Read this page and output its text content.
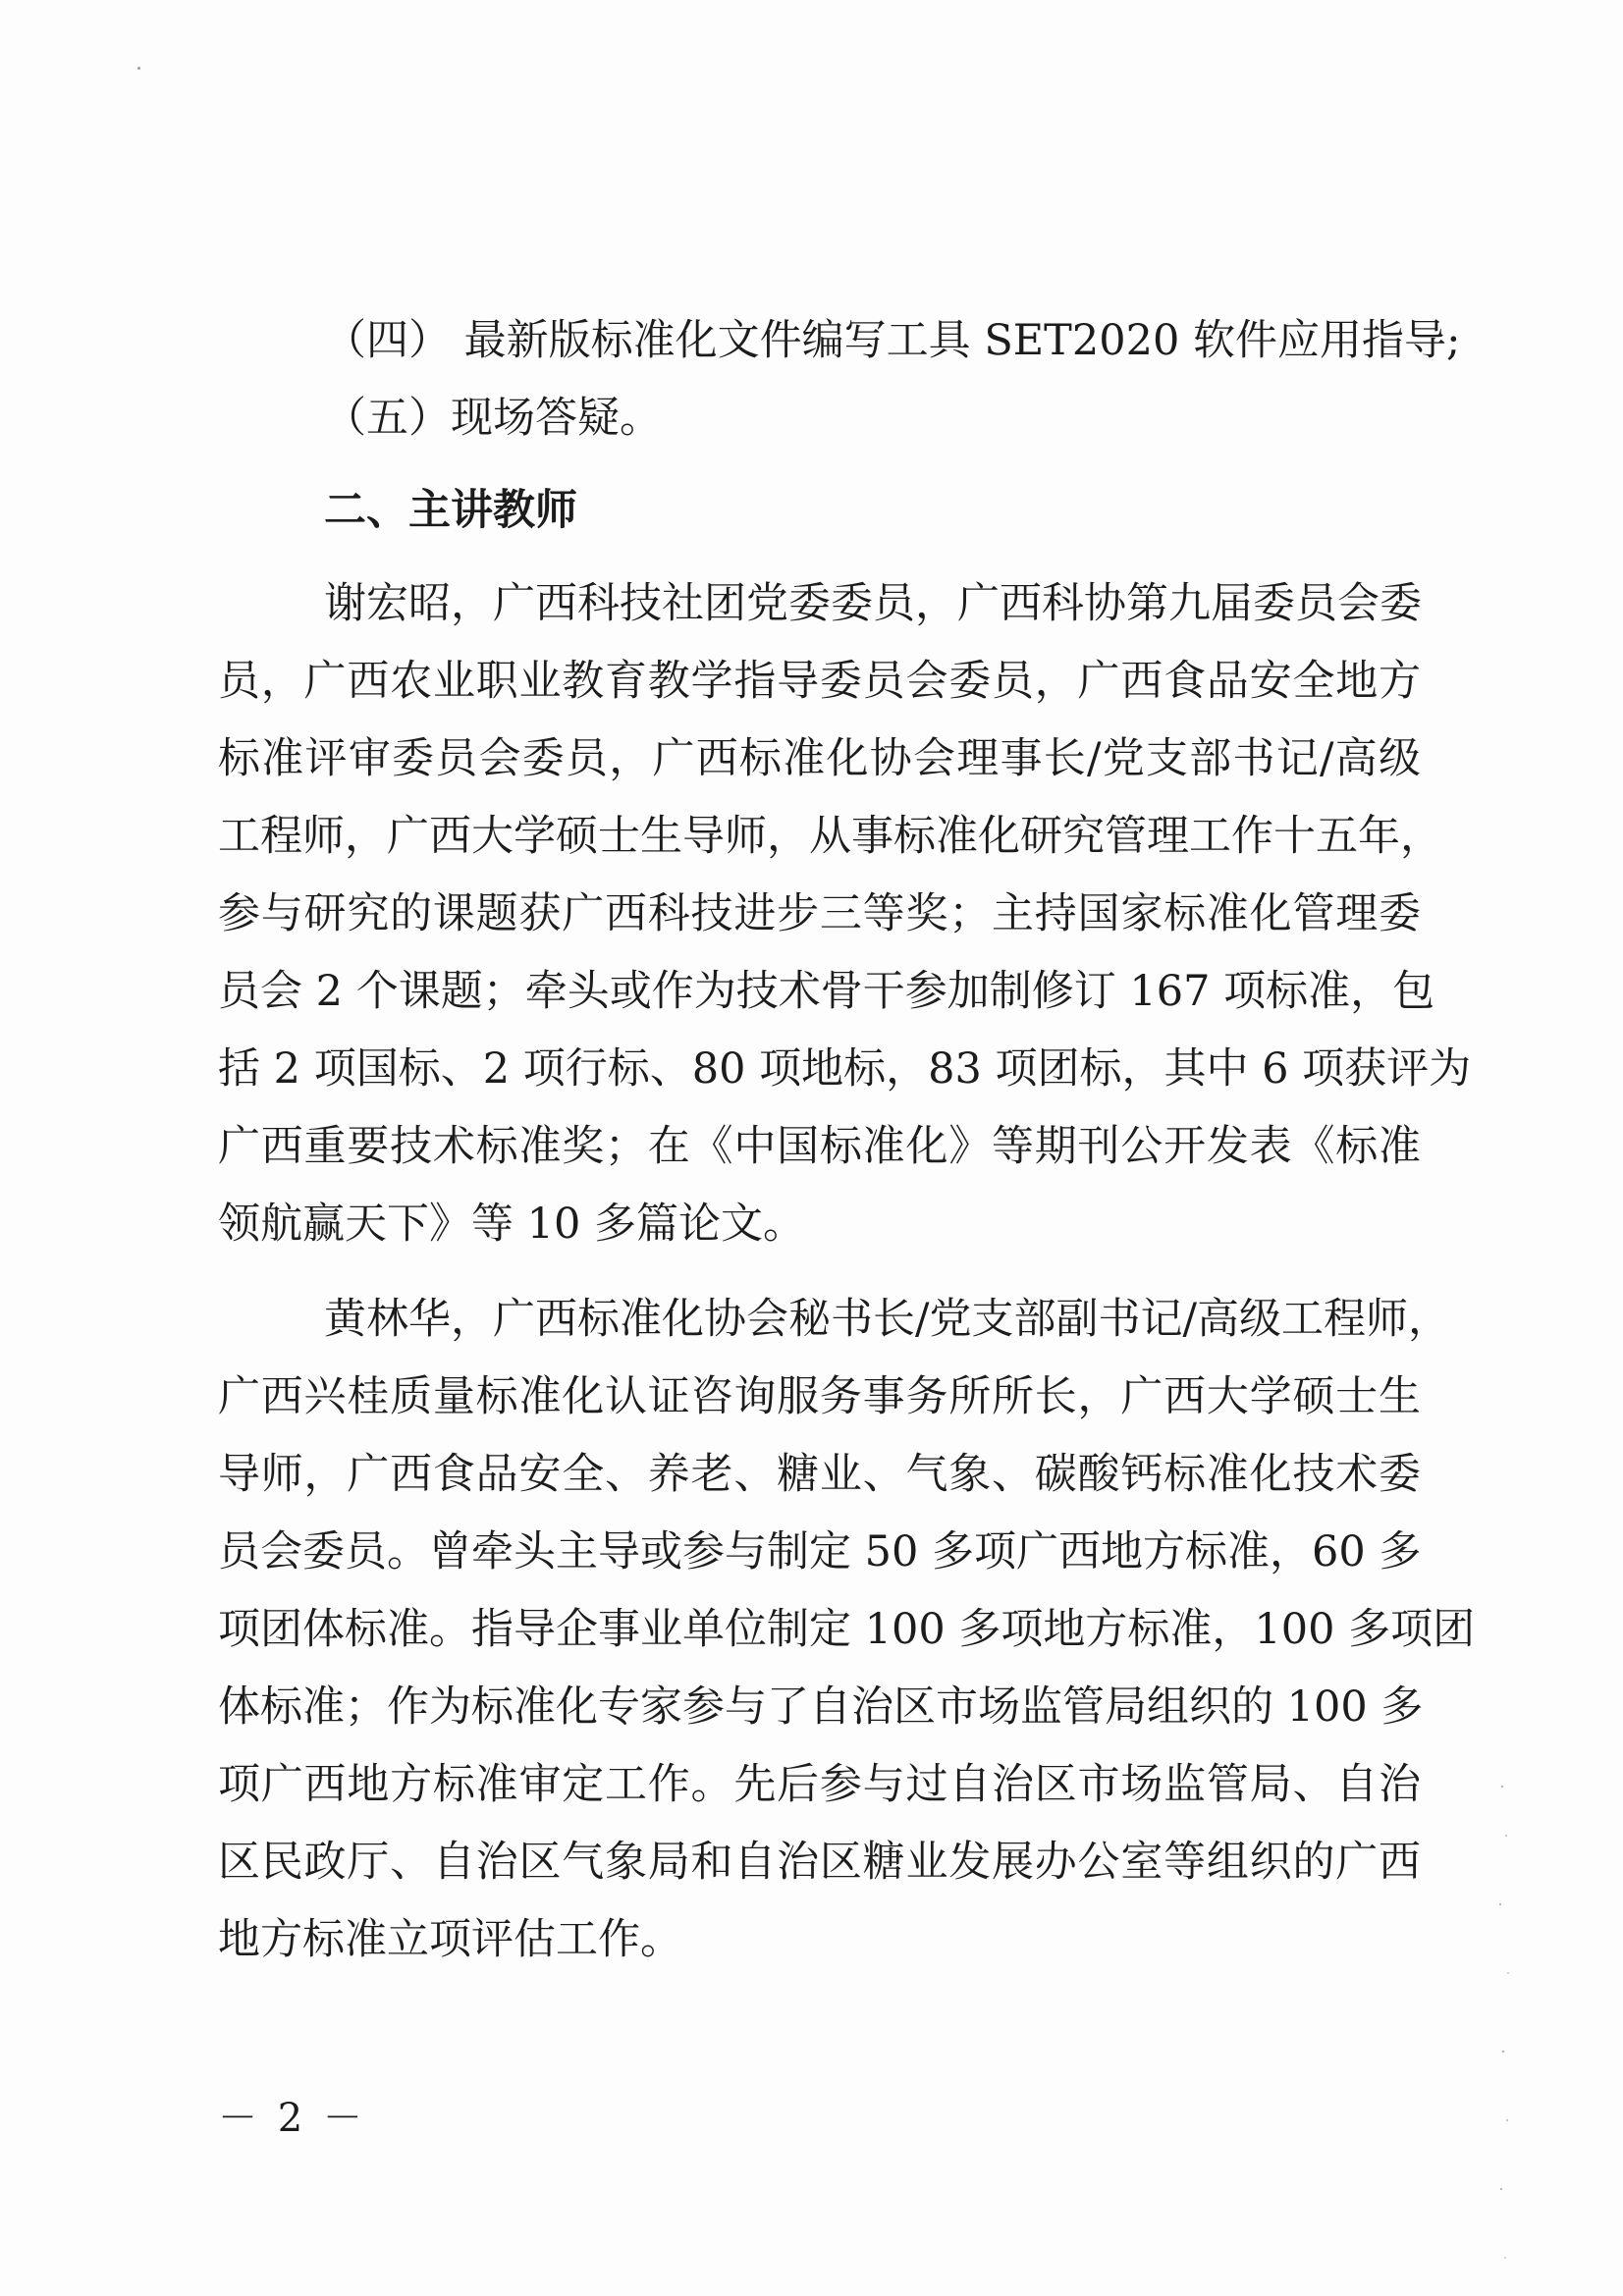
（四） 最新版标准化文件编写工具 SET2020 软件应用指导;
（五）现场答疑。
二、主讲教师
谢宏昭，广西科技社团党委委员，广西科协第九届委员会委
员，广西农业职业教育教学指导委员会委员，广西食品安全地方
标准评审委员会委员，广西标准化协会理事长/党支部书记/高级
工程师，广西大学硕士生导师，从事标准化研究管理工作十五年，
参与研究的课题获广西科技进步三等奖；主持国家标准化管理委
员会 2 个课题；牵头或作为技术骨干参加制修订 167 项标准，包
括 2 项国标、2 项行标、80 项地标，83 项团标，其中 6 项获评为
广西重要技术标准奖；在《中国标准化》等期刊公开发表《标准
领航赢天下》等 10 多篇论文。
黄林华，广西标准化协会秘书长/党支部副书记/高级工程师，
广西兴桂质量标准化认证咨询服务事务所所长，广西大学硕士生
导师，广西食品安全、养老、糖业、气象、碳酸钙标准化技术委
员会委员。曾牵头主导或参与制定 50 多项广西地方标准，60 多
项团体标准。指导企事业单位制定 100 多项地方标准，100 多项团
体标准；作为标准化专家参与了自治区市场监管局组织的 100 多
项广西地方标准审定工作。先后参与过自治区市场监管局、自治
区民政厅、自治区气象局和自治区糖业发展办公室等组织的广西
地方标准立项评估工作。
－ 2 －
